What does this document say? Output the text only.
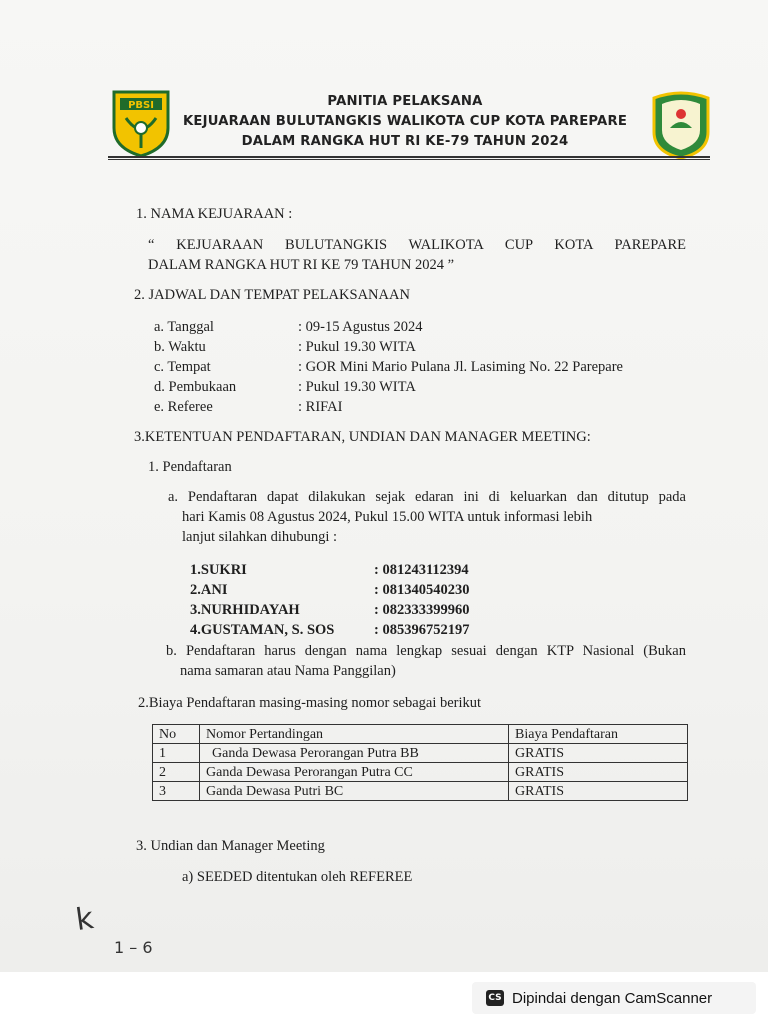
PBSI	PANITIA PELAKSANA
KEJUARAAN BULUTANGKIS WALIKOTA CUP KOTA PAREPARE
DALAM RANGKA HUT RI KE-79 TAHUN 2024
1. NAMA KEJUARAAN :
“ KEJUARAAN BULUTANGKIS WALIKOTA CUP KOTA PAREPARE
DALAM RANGKA HUT RI KE 79 TAHUN 2024 ”
2. JADWAL DAN TEMPAT PELAKSANAAN
a. Tanggal	: 09-15 Agustus 2024
b. Waktu	: Pukul 19.30 WITA
c. Tempat	: GOR Mini Mario Pulana Jl. Lasiming No. 22 Parepare
d. Pembukaan	: Pukul 19.30 WITA
e. Referee	: RIFAI
3.KETENTUAN PENDAFTARAN, UNDIAN DAN MANAGER MEETING:
1. Pendaftaran
a. Pendaftaran dapat dilakukan sejak edaran ini di keluarkan dan ditutup pada
hari Kamis 08 Agustus 2024, Pukul 15.00 WITA untuk informasi lebih
lanjut silahkan dihubungi :
1.SUKRI	: 081243112394
2.ANI	: 081340540230
3.NURHIDAYAH	: 082333399960
4.GUSTAMAN, S. SOS	: 085396752197
b. Pendaftaran harus dengan nama lengkap sesuai dengan KTP Nasional (Bukan
nama samaran atau Nama Panggilan)
2.Biaya Pendaftaran masing-masing nomor sebagai berikut
No	Nomor Pertandingan	Biaya Pendaftaran
1	Ganda Dewasa Perorangan Putra BB	GRATIS
2	Ganda Dewasa Perorangan Putra CC	GRATIS
3	Ganda Dewasa Putri BC	GRATIS
3. Undian dan Manager Meeting
a) SEEDED ditentukan oleh REFEREE
k
1 – 6
CS Dipindai dengan CamScanner
